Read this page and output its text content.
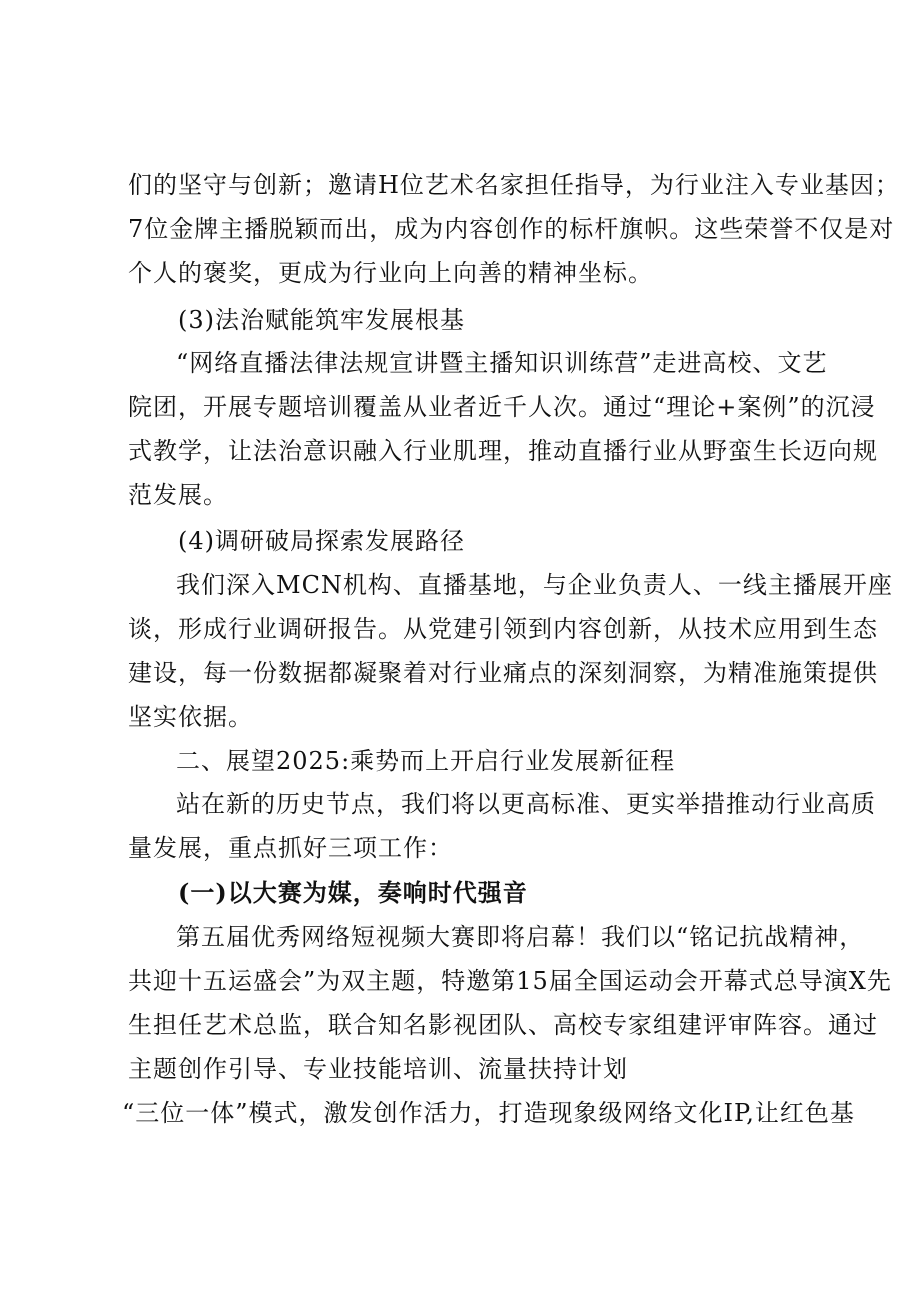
们的坚守与创新；邀请H位艺术名家担任指导，为行业注入专业基因；
7位金牌主播脱颖而出，成为内容创作的标杆旗帜。这些荣誉不仅是对
个人的褒奖，更成为行业向上向善的精神坐标。
(3)法治赋能筑牢发展根基
“网络直播法律法规宣讲暨主播知识训练营”走进高校、文艺
院团，开展专题培训覆盖从业者近千人次。通过“理论+案例”的沉浸
式教学，让法治意识融入行业肌理，推动直播行业从野蛮生长迈向规
范发展。
(4)调研破局探索发展路径
我们深入MCN机构、直播基地，与企业负责人、一线主播展开座
谈，形成行业调研报告。从党建引领到内容创新，从技术应用到生态
建设，每一份数据都凝聚着对行业痛点的深刻洞察，为精准施策提供
坚实依据。
二、展望2025:乘势而上开启行业发展新征程
站在新的历史节点，我们将以更高标准、更实举措推动行业高质
量发展，重点抓好三项工作：
(一)以大赛为媒，奏响时代强音
第五届优秀网络短视频大赛即将启幕！我们以“铭记抗战精神，
共迎十五运盛会”为双主题，特邀第15届全国运动会开幕式总导演X先
生担任艺术总监，联合知名影视团队、高校专家组建评审阵容。通过
主题创作引导、专业技能培训、流量扶持计划
“三位一体”模式，激发创作活力，打造现象级网络文化IP,让红色基
